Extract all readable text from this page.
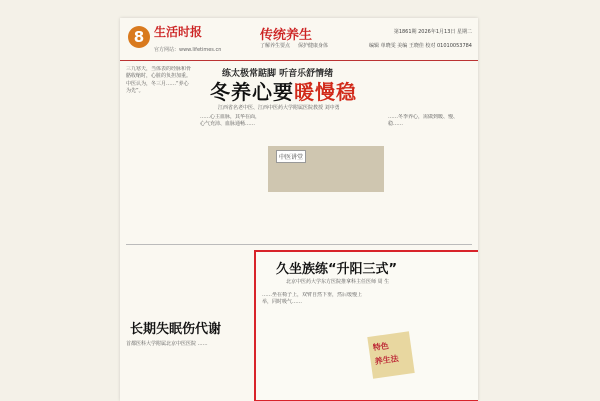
8 生活时报
官方网站：www.lifetimes.cn
传统养生
了解养生要点 保护健康身体
第1861期 2026年1月13日 星期二
编辑 单晓雯 美编 王晓佳 校对 01010053784
三九寒天，当体表的经脉和骨骼收缩时，心脏的负担加重。中医认为，冬三月……“养心为先”。
练太极常踮脚 听音乐舒情绪
冬养心要暖慢稳
江西省名老中医、江西中医药大学附属医院教授 刘中勇
……心主血脉，其华在面，心气充沛、血脉通畅……
……冬季养心，需做到暖、慢、稳……
中医讲堂
长期失眠伤代谢
首都医科大学附属北京中医医院 ……
久坐族练“升阳三式”
北京中医药大学东方医院推拿科主任医师 周 生
……坐在椅子上，双臂自然下垂，然后缓慢上举，同时吸气……
特色
养生法
